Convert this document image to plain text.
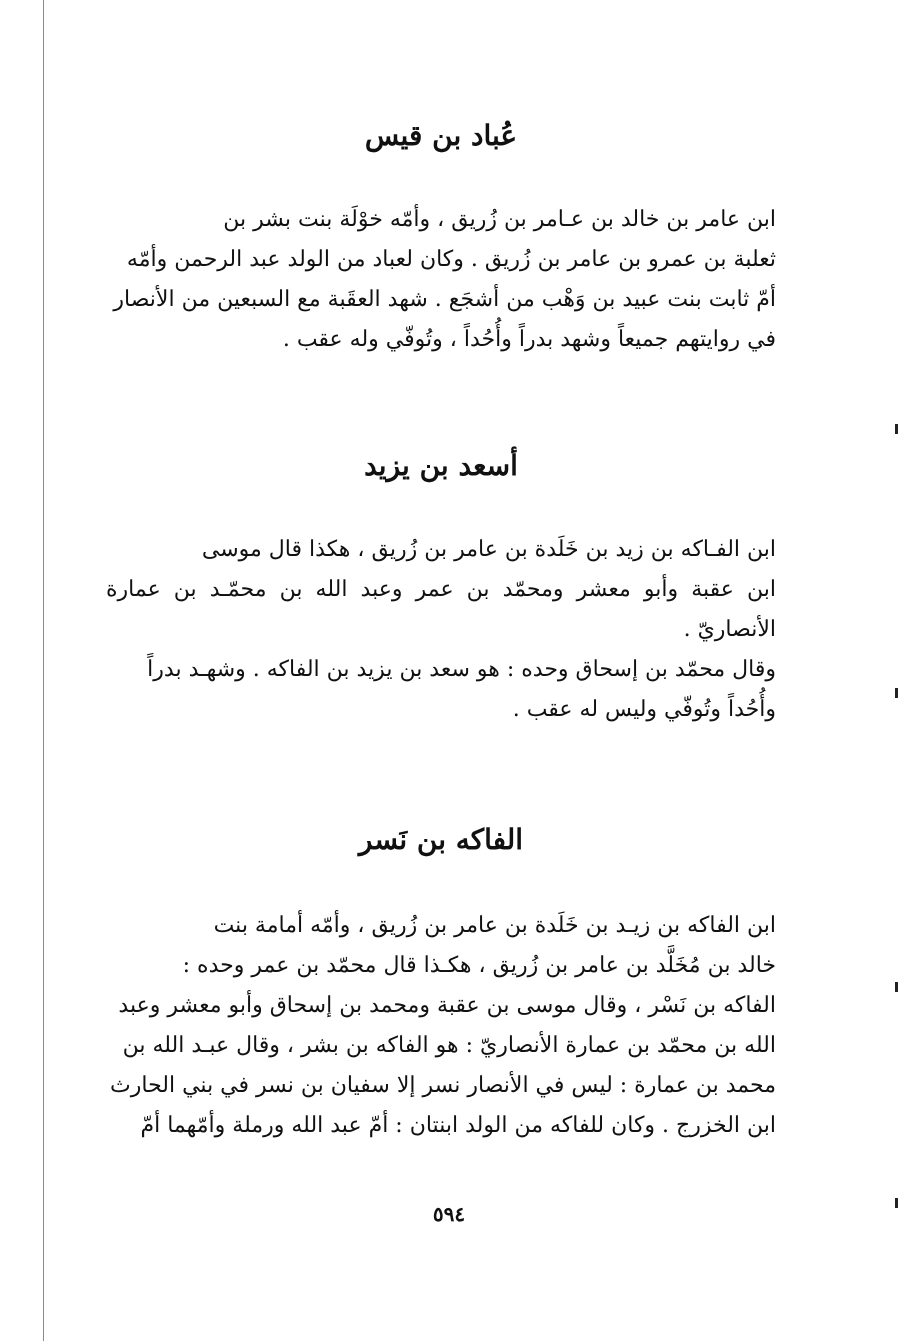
عُباد بن قيس

ابن عامر بن خالد بن عـامر بن زُريق ، وأمّه خوْلَة بنت بشر بن

ثعلبة بن عمرو بن عامر بن زُريق . وكان لعباد من الولد عبد الرحمن وأمّه

أمّ ثابت بنت عبيد بن وَهْب من أشجَع . شهد العقَبة مع السبعين من الأنصار

في روايتهم جميعاً وشهد بدراً وأُحُداً ، وتُوفّي وله عقب .

أسعد بن يزيد

ابن الفـاكه بن زيد بن خَلَدة بن عامر بن زُريق ، هكذا قال موسى

ابن عقبة وأبو معشر ومحمّد بن عمر وعبد الله بن محمّـد بن عمارة الأنصاريّ .

وقال محمّد بن إسحاق وحده : هو سعد بن يزيد بن الفاكه . وشهـد بدراً

وأُحُداً وتُوفّي وليس له عقب .

الفاكه بن نَسر

ابن الفاكه بن زيـد بن خَلَدة بن عامر بن زُريق ، وأمّه أمامة بنت

خالد بن مُخَلَّد بن عامر بن زُريق ، هكـذا قال محمّد بن عمر وحده :

الفاكه بن نَسْر ، وقال موسى بن عقبة ومحمد بن إسحاق وأبو معشر وعبد

الله بن محمّد بن عمارة الأنصاريّ : هو الفاكه بن بشر ، وقال عبـد الله بن

محمد بن عمارة : ليس في الأنصار نسر إلا سفيان بن نسر في بني الحارث

ابن الخزرج . وكان للفاكه من الولد ابنتان : أمّ عبد الله ورملة وأمّهما أمّ

٥٩٤
